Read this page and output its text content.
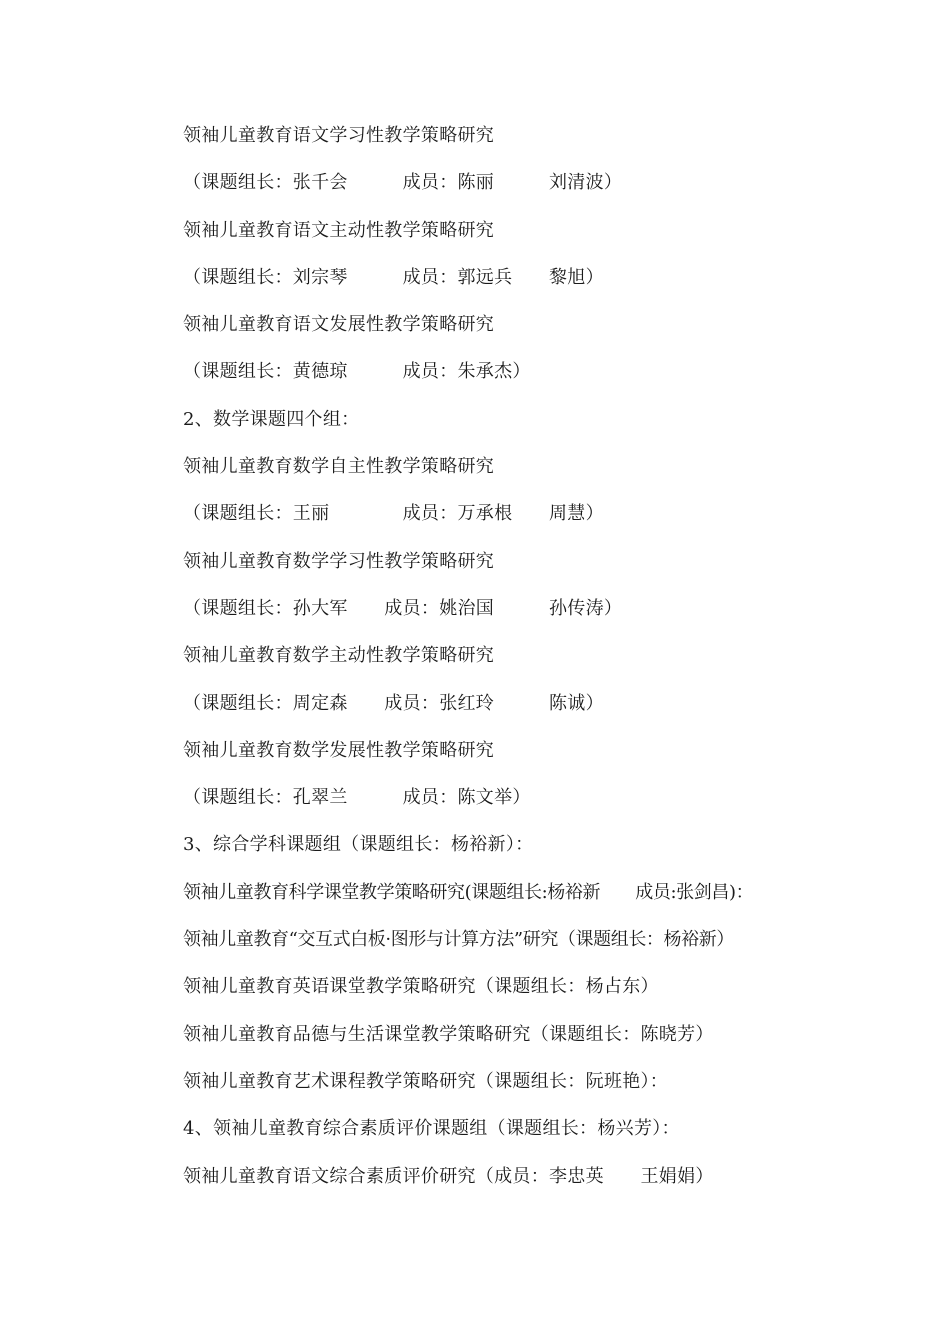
领袖儿童教育语文学习性教学策略研究
（课题组长：张千会　　　成员：陈丽　　　刘清波）
领袖儿童教育语文主动性教学策略研究
（课题组长：刘宗琴　　　成员：郭远兵　　黎旭）
领袖儿童教育语文发展性教学策略研究
（课题组长：黄德琼　　　成员：朱承杰）
2、数学课题四个组：
领袖儿童教育数学自主性教学策略研究
（课题组长：王丽　　　　成员：万承根　　周慧）
领袖儿童教育数学学习性教学策略研究
（课题组长：孙大军　　成员：姚治国　　　孙传涛）
领袖儿童教育数学主动性教学策略研究
（课题组长：周定森　　成员：张红玲　　　陈诚）
领袖儿童教育数学发展性教学策略研究
（课题组长：孔翠兰　　　成员：陈文举）
3、综合学科课题组（课题组长：杨裕新）：
领袖儿童教育科学课堂教学策略研究(课题组长:杨裕新　　成员:张剑昌)：
领袖儿童教育“交互式白板·图形与计算方法”研究（课题组长：杨裕新）
领袖儿童教育英语课堂教学策略研究（课题组长：杨占东）
领袖儿童教育品德与生活课堂教学策略研究（课题组长：陈晓芳）
领袖儿童教育艺术课程教学策略研究（课题组长：阮班艳）：
4、领袖儿童教育综合素质评价课题组（课题组长：杨兴芳）：
领袖儿童教育语文综合素质评价研究（成员：李忠英　　王娟娟）
